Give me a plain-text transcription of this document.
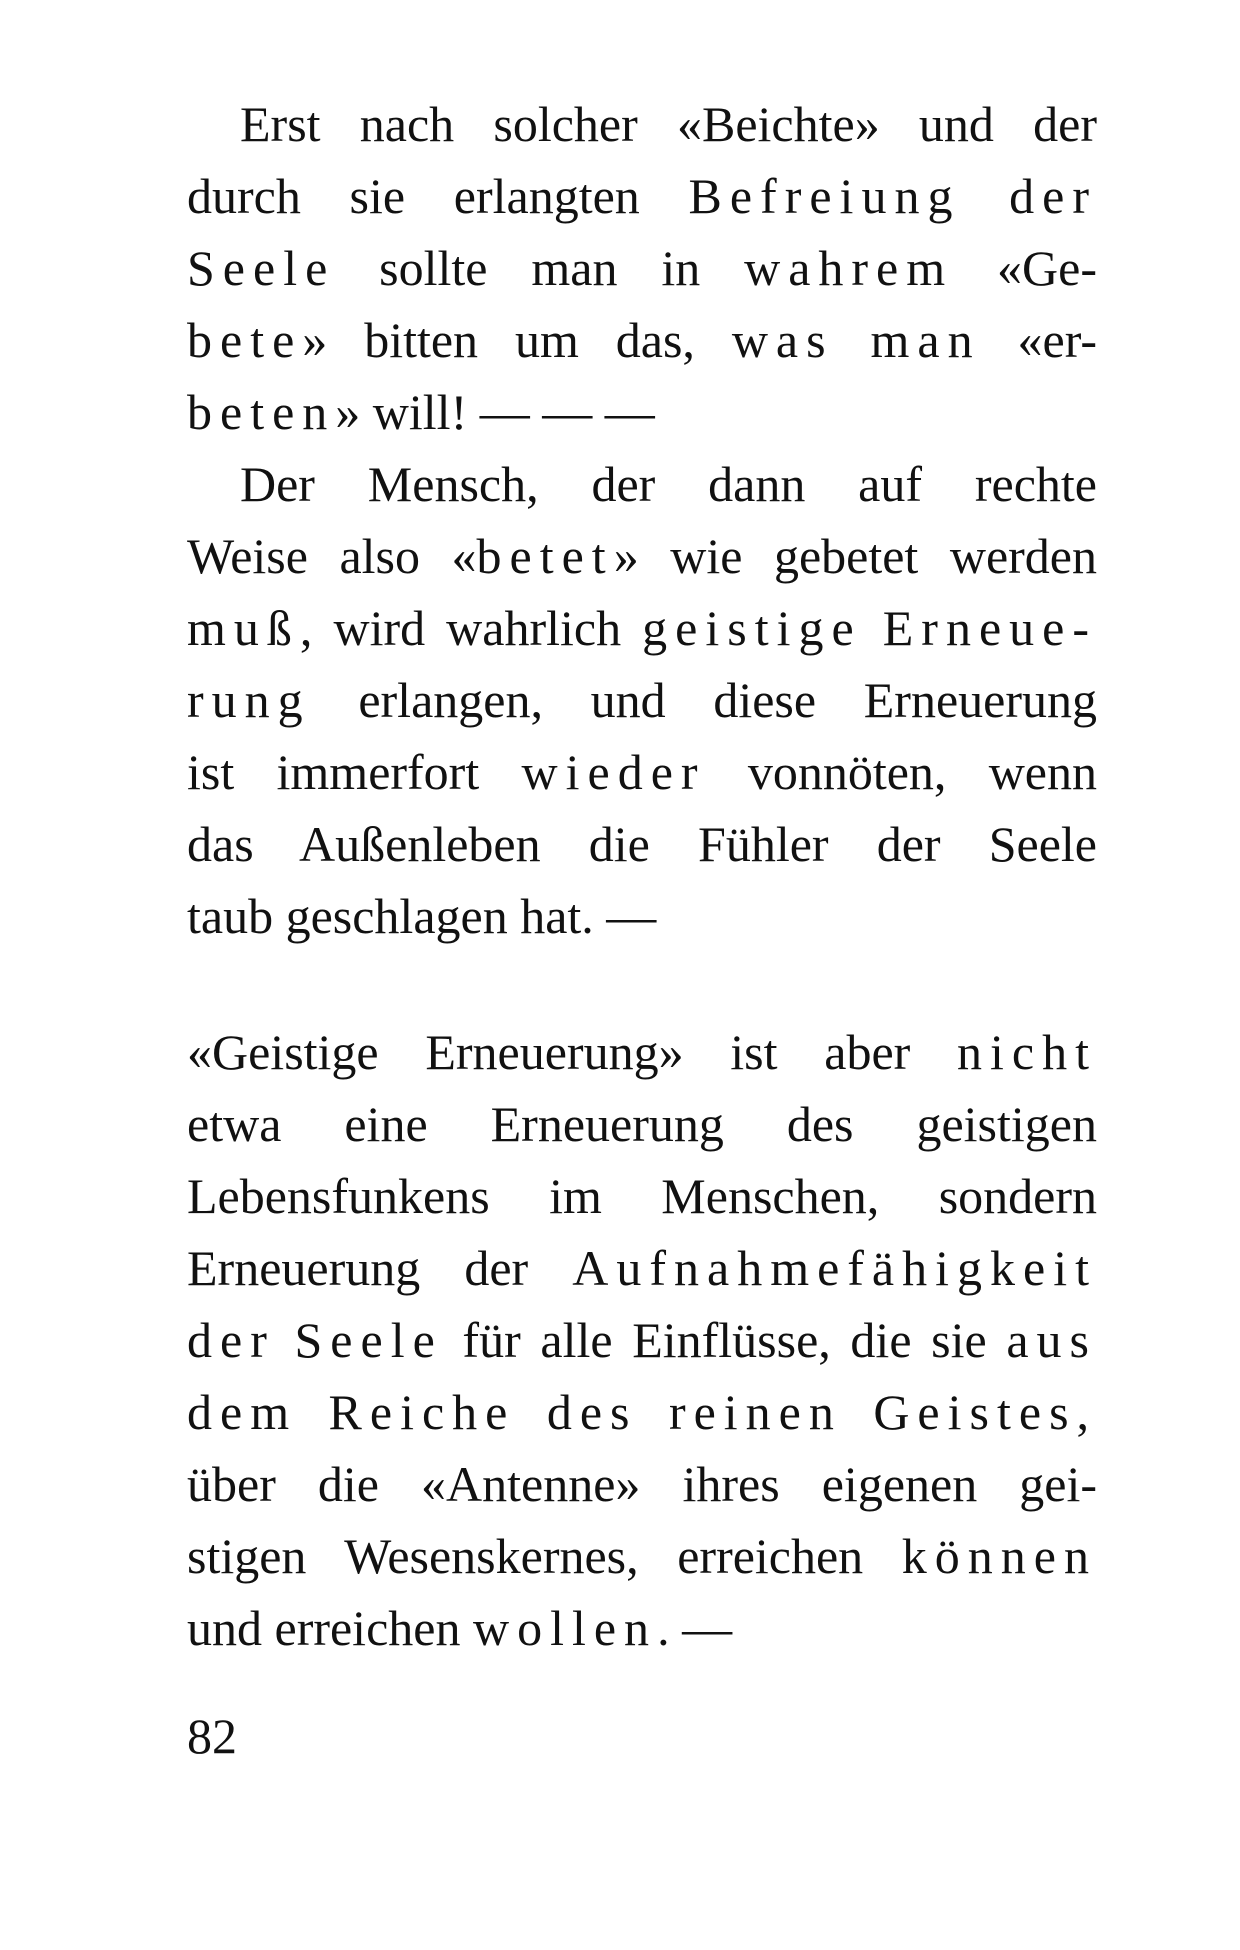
Erst nach solcher «Beichte» und der
durch sie erlangten Befreiung der
Seele sollte man in wahrem «Ge-
bete» bitten um das, was man «er-
beten» will! — — —
Der Mensch, der dann auf rechte
Weise also «betet» wie gebetet werden
muß, wird wahrlich geistige Erneue-
rung erlangen, und diese Erneuerung
ist immerfort wieder vonnöten, wenn
das Außenleben die Fühler der Seele
taub geschlagen hat. —
«Geistige Erneuerung» ist aber nicht
etwa eine Erneuerung des geistigen
Lebensfunkens im Menschen, sondern
Erneuerung der Aufnahmefähigkeit
der Seele für alle Einflüsse, die sie aus
dem Reiche des reinen Geistes,
über die «Antenne» ihres eigenen gei-
stigen Wesenskernes, erreichen können
und erreichen wollen. —
82
